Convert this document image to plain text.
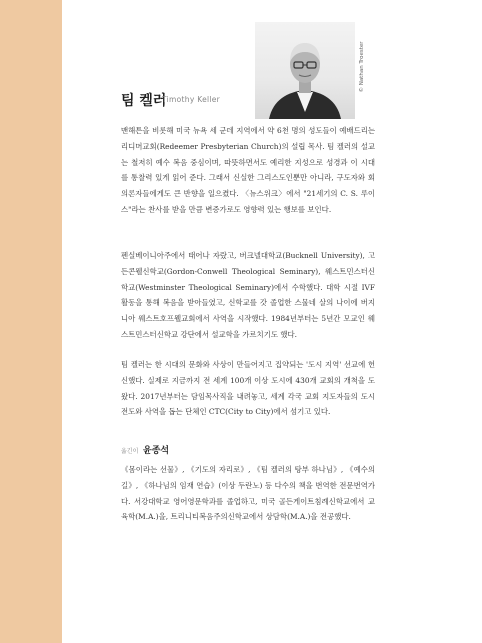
© Nathan Troester
팀 켈러
Timothy Keller

맨해튼을 비롯해 미국 뉴욕 세 군데 지역에서 약 6천 명의 성도들이 예배드리는 리디머교회(Redeemer Presbyterian Church)의 설립 목사. 팀 켈러의 설교는 철저히 예수 복음 중심이며, 따뜻하면서도 예리한 지성으로 성경과 이 시대를 통찰력 있게 읽어 준다. 그래서 신실한 그리스도인뿐만 아니라, 구도자와 회의론자들에게도 큰 반향을 일으켰다. 〈뉴스위크〉에서 "21세기의 C. S. 루이스"라는 찬사를 받을 만큼 변증가로도 영향력 있는 행보를 보인다.

펜실베이니아주에서 태어나 자랐고, 버크넬대학교(Bucknell University), 고든콘웰신학교(Gordon-Conwell Theological Seminary), 웨스트민스터신학교(Westminster Theological Seminary)에서 수학했다. 대학 시절 IVF 활동을 통해 복음을 받아들였고, 신학교를 갓 졸업한 스물네 살의 나이에 버지니아 웨스트호프웰교회에서 사역을 시작했다. 1984년부터는 5년간 모교인 웨스트민스터신학교 강단에서 설교학을 가르치기도 했다.

팀 켈러는 한 시대의 문화와 사상이 만들어지고 집약되는 '도시 지역' 선교에 헌신했다. 실제로 지금까지 전 세계 100개 이상 도시에 430개 교회의 개척을 도왔다. 2017년부터는 담임목사직을 내려놓고, 세계 각국 교회 지도자들의 도시 전도와 사역을 돕는 단체인 CTC(City to City)에서 섬기고 있다.

옮긴이 윤종석

《몸이라는 선물》, 《기도의 자리로》, 《팀 켈러의 탕부 하나님》, 《예수의 길》, 《하나님의 임재 연습》(이상 두란노) 등 다수의 책을 번역한 전문번역가다. 서강대학교 영어영문학과를 졸업하고, 미국 골든게이트침례신학교에서 교육학(M.A.)을, 트리니티복음주의신학교에서 상담학(M.A.)을 전공했다.
